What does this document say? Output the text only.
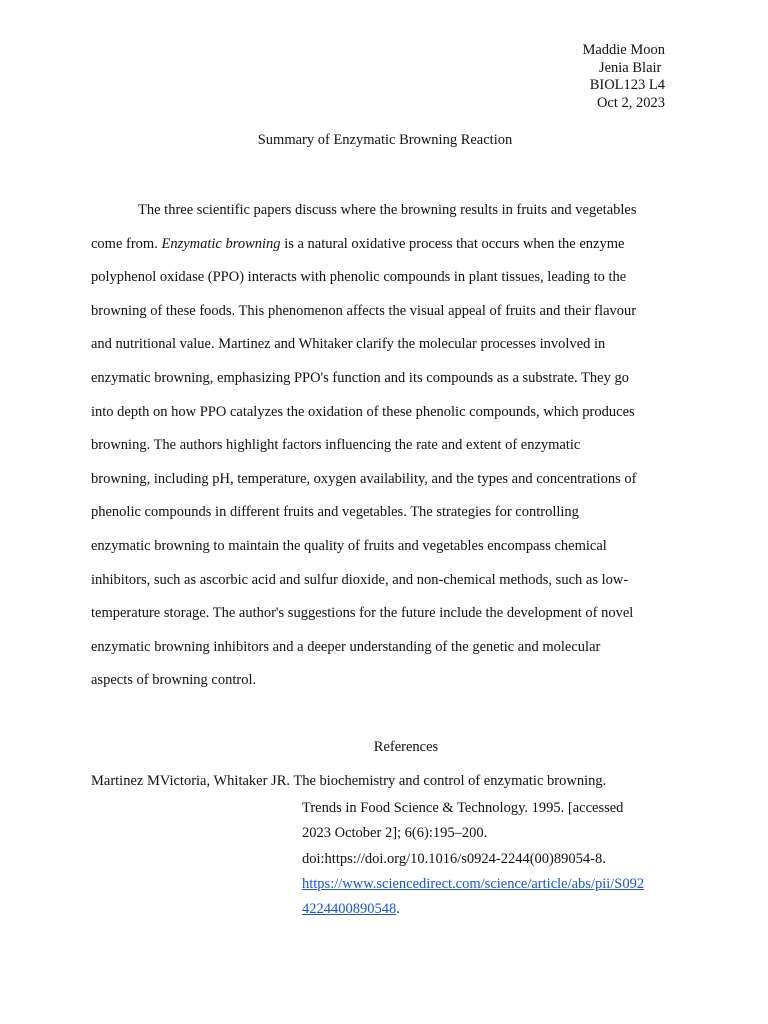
Maddie Moon
Jenia Blair
BIOL123 L4
Oct 2, 2023
Summary of Enzymatic Browning Reaction
The three scientific papers discuss where the browning results in fruits and vegetables
come from. Enzymatic browning is a natural oxidative process that occurs when the enzyme
polyphenol oxidase (PPO) interacts with phenolic compounds in plant tissues, leading to the
browning of these foods. This phenomenon affects the visual appeal of fruits and their flavour
and nutritional value. Martinez and Whitaker clarify the molecular processes involved in
enzymatic browning, emphasizing PPO's function and its compounds as a substrate. They go
into depth on how PPO catalyzes the oxidation of these phenolic compounds, which produces
browning. The authors highlight factors influencing the rate and extent of enzymatic
browning, including pH, temperature, oxygen availability, and the types and concentrations of
phenolic compounds in different fruits and vegetables. The strategies for controlling
enzymatic browning to maintain the quality of fruits and vegetables encompass chemical
inhibitors, such as ascorbic acid and sulfur dioxide, and non-chemical methods, such as low-
temperature storage. The author's suggestions for the future include the development of novel
enzymatic browning inhibitors and a deeper understanding of the genetic and molecular
aspects of browning control.
References
Martinez MVictoria, Whitaker JR. The biochemistry and control of enzymatic browning.
Trends in Food Science & Technology. 1995. [accessed
2023 October 2]; 6(6):195–200.
doi:https://doi.org/10.1016/s0924-2244(00)89054-8.
https://www.sciencedirect.com/science/article/abs/pii/S092
4224400890548.
